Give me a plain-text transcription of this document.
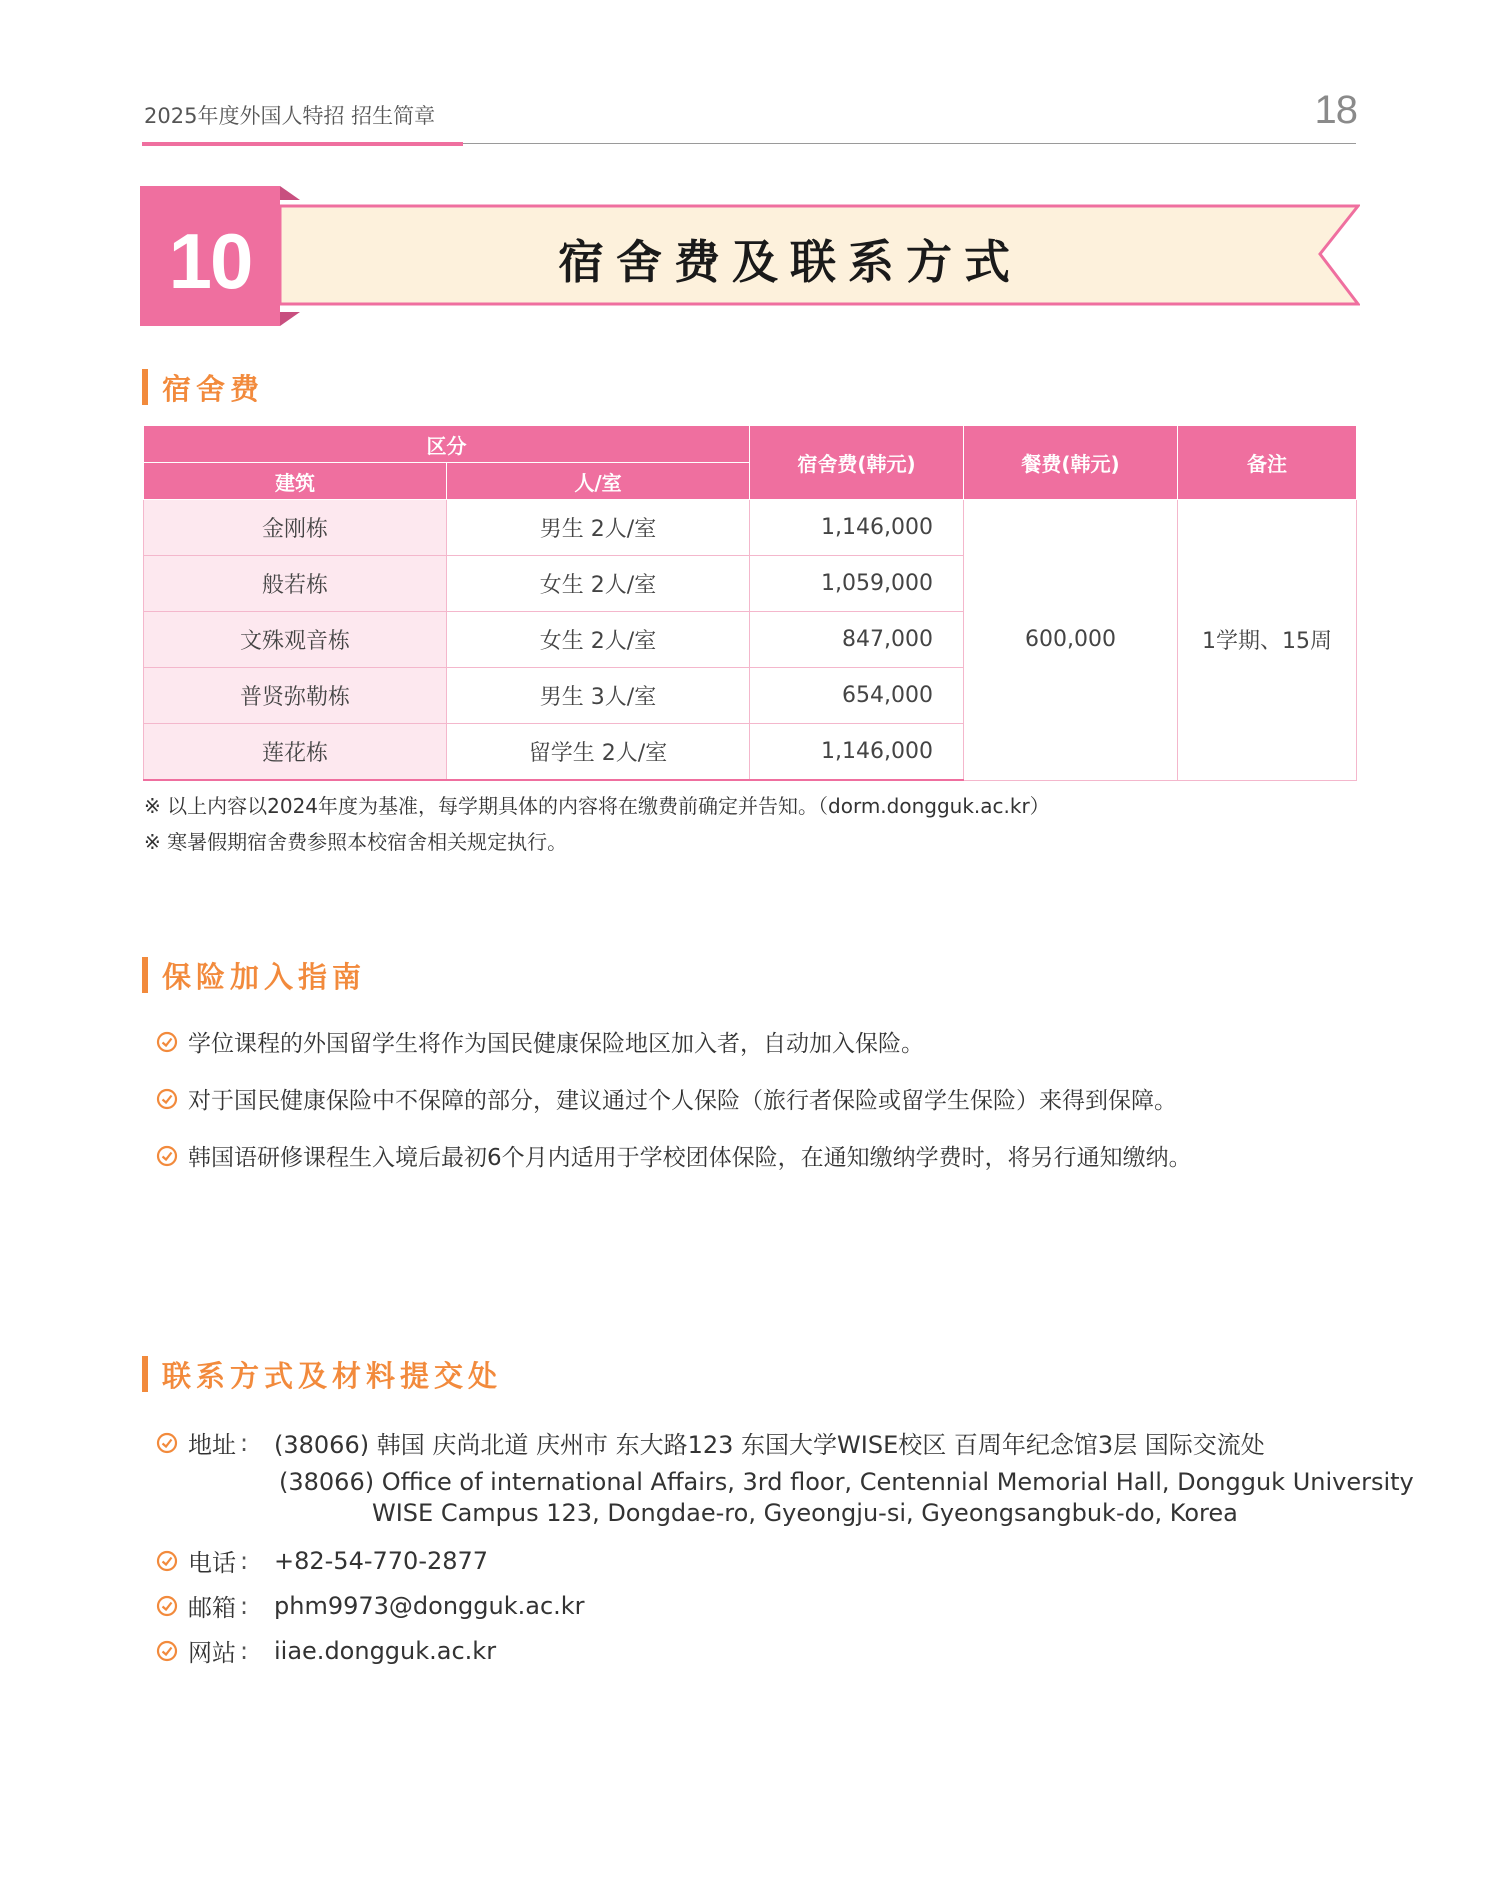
2025年度外国人特招 招生简章	18
10	宿舍费及联系方式
宿舍费
区分		宿舍费(韩元)	餐费(韩元)	备注
建筑	人/室			
金刚栋	男生 2人/室	1,146,000	600,000	1学期、15周
般若栋	女生 2人/室	1,059,000		
文殊观音栋	女生 2人/室	847,000		
普贤弥勒栋	男生 3人/室	654,000		
莲花栋	留学生 2人/室	1,146,000		
※ 以上内容以2024年度为基准，每学期具体的内容将在缴费前确定并告知。（dorm.dongguk.ac.kr）
※ 寒暑假期宿舍费参照本校宿舍相关规定执行。
保险加入指南
学位课程的外国留学生将作为国民健康保险地区加入者，自动加入保险。
对于国民健康保险中不保障的部分，建议通过个人保险（旅行者保险或留学生保险）来得到保障。
韩国语研修课程生入境后最初6个月内适用于学校团体保险，在通知缴纳学费时，将另行通知缴纳。
联系方式及材料提交处
地址 :	(38066) 韩国 庆尚北道 庆州市 东大路123 东国大学WISE校区 百周年纪念馆3层 国际交流处
(38066) Office of international Affairs, 3rd floor, Centennial Memorial Hall, Dongguk University
WISE Campus 123, Dongdae-ro, Gyeongju-si, Gyeongsangbuk-do, Korea
电话 :	+82-54-770-2877
邮箱 :	phm9973@dongguk.ac.kr
网站 :	iiae.dongguk.ac.kr
